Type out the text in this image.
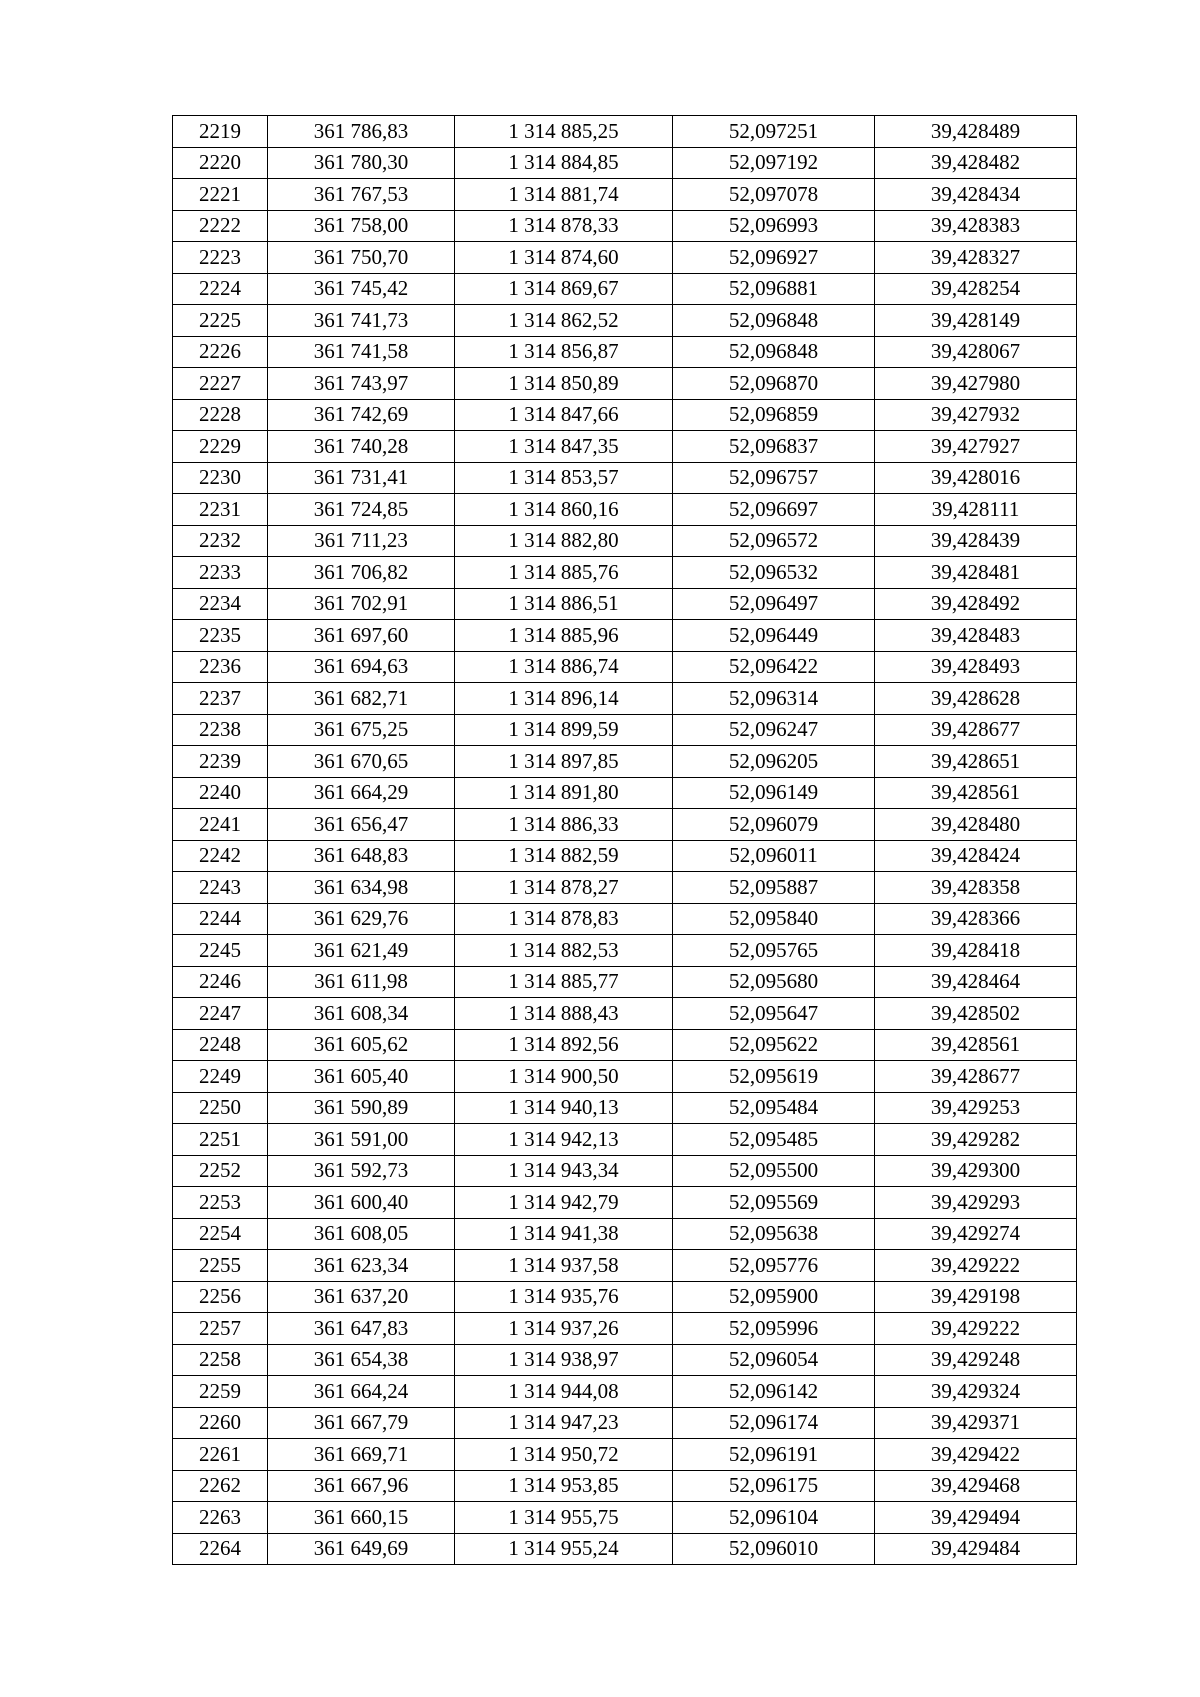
2219	361 786,83	1 314 885,25	52,097251	39,428489
2220	361 780,30	1 314 884,85	52,097192	39,428482
2221	361 767,53	1 314 881,74	52,097078	39,428434
2222	361 758,00	1 314 878,33	52,096993	39,428383
2223	361 750,70	1 314 874,60	52,096927	39,428327
2224	361 745,42	1 314 869,67	52,096881	39,428254
2225	361 741,73	1 314 862,52	52,096848	39,428149
2226	361 741,58	1 314 856,87	52,096848	39,428067
2227	361 743,97	1 314 850,89	52,096870	39,427980
2228	361 742,69	1 314 847,66	52,096859	39,427932
2229	361 740,28	1 314 847,35	52,096837	39,427927
2230	361 731,41	1 314 853,57	52,096757	39,428016
2231	361 724,85	1 314 860,16	52,096697	39,428111
2232	361 711,23	1 314 882,80	52,096572	39,428439
2233	361 706,82	1 314 885,76	52,096532	39,428481
2234	361 702,91	1 314 886,51	52,096497	39,428492
2235	361 697,60	1 314 885,96	52,096449	39,428483
2236	361 694,63	1 314 886,74	52,096422	39,428493
2237	361 682,71	1 314 896,14	52,096314	39,428628
2238	361 675,25	1 314 899,59	52,096247	39,428677
2239	361 670,65	1 314 897,85	52,096205	39,428651
2240	361 664,29	1 314 891,80	52,096149	39,428561
2241	361 656,47	1 314 886,33	52,096079	39,428480
2242	361 648,83	1 314 882,59	52,096011	39,428424
2243	361 634,98	1 314 878,27	52,095887	39,428358
2244	361 629,76	1 314 878,83	52,095840	39,428366
2245	361 621,49	1 314 882,53	52,095765	39,428418
2246	361 611,98	1 314 885,77	52,095680	39,428464
2247	361 608,34	1 314 888,43	52,095647	39,428502
2248	361 605,62	1 314 892,56	52,095622	39,428561
2249	361 605,40	1 314 900,50	52,095619	39,428677
2250	361 590,89	1 314 940,13	52,095484	39,429253
2251	361 591,00	1 314 942,13	52,095485	39,429282
2252	361 592,73	1 314 943,34	52,095500	39,429300
2253	361 600,40	1 314 942,79	52,095569	39,429293
2254	361 608,05	1 314 941,38	52,095638	39,429274
2255	361 623,34	1 314 937,58	52,095776	39,429222
2256	361 637,20	1 314 935,76	52,095900	39,429198
2257	361 647,83	1 314 937,26	52,095996	39,429222
2258	361 654,38	1 314 938,97	52,096054	39,429248
2259	361 664,24	1 314 944,08	52,096142	39,429324
2260	361 667,79	1 314 947,23	52,096174	39,429371
2261	361 669,71	1 314 950,72	52,096191	39,429422
2262	361 667,96	1 314 953,85	52,096175	39,429468
2263	361 660,15	1 314 955,75	52,096104	39,429494
2264	361 649,69	1 314 955,24	52,096010	39,429484
